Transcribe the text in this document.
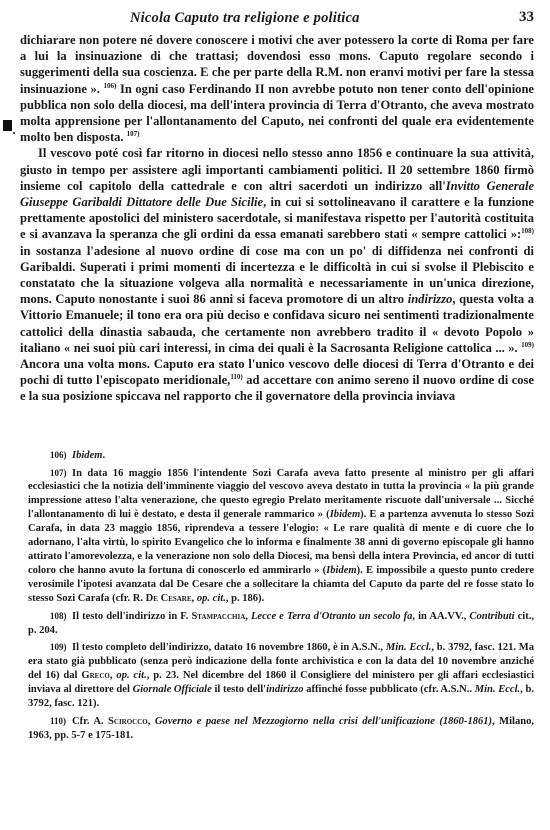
Nicola Caputo tra religione e politica	33

dichiarare non potere né dovere conoscere i motivi che aver potessero la corte di Roma per fare a lui la insinuazione di che trattasi; dovendosi esso mons. Caputo regolare secondo i suggerimenti della sua coscienza. E che per parte della R.M. non eranvi motivi per fare la stessa insinuazione ». $^{106)}$ In ogni caso Ferdinando II non avrebbe potuto non tener conto dell'opinione pubblica non solo della diocesi, ma dell'intera provincia di Terra d'Otranto, che aveva mostrato molta apprensione per l'allontanamento del Caputo, nei confronti del quale era evidentemente molto ben disposta. $^{107)}$

Il vescovo poté così far ritorno in diocesi nello stesso anno 1856 e continuare la sua attività, giusto in tempo per assistere agli importanti cambiamenti politici. Il 20 settembre 1860 firmò insieme col capitolo della cattedrale e con altri sacerdoti un indirizzo all'Invitto Generale Giuseppe Garibaldi Dittatore delle Due Sicilie, in cui si sottolineavano il carattere e la funzione prettamente apostolici del ministero sacerdotale, si manifestava rispetto per l'autorità costituita e si avanzava la speranza che gli ordini da essa emanati sarebbero stati « sempre cattolici »:$^{108)}$ in sostanza l'adesione al nuovo ordine di cose ma con un po' di diffidenza nei confronti di Garibaldi. Superati i primi momenti di incertezza e le difficoltà in cui si svolse il Plebiscito e constatato che la situazione volgeva alla normalità e necessariamente in un'unica direzione, mons. Caputo nonostante i suoi 86 anni si faceva promotore di un altro indirizzo, questa volta a Vittorio Emanuele; il tono era ora più deciso e confidava sicuro nei sentimenti tradizionalmente cattolici della dinastia sabauda, che certamente non avrebbero tradito il « devoto Popolo » italiano « nei suoi più cari interessi, in cima dei quali è la Sacrosanta Religione cattolica ... ». $^{109)}$ Ancora una volta mons. Caputo era stato l'unico vescovo delle diocesi di Terra d'Otranto e dei pochi di tutto l'episcopato meridionale,$^{110)}$ ad accettare con animo sereno il nuovo ordine di cose e la sua posizione spiccava nel rapporto che il governatore della provincia inviava

106) Ibidem.

107) In data 16 maggio 1856 l'intendente Sozi Carafa aveva fatto presente al ministro per gli affari ecclesiastici che la notizia dell'imminente viaggio del vescovo aveva destato in tutta la provincia « la più grande impressione atteso l'alta venerazione, che questo egregio Prelato meritamente riscuote dall'universale ... Sicché l'allontanamento di lui è destato, e desta il generale rammarico » (Ibidem). E a partenza avvenuta lo stesso Sozi Carafa, in data 23 maggio 1856, riprendeva a tessere l'elogio: « Le rare qualità di mente e di cuore che lo adornano, l'alta virtù, lo spirito Evangelico che lo informa e finalmente 38 anni di governo episcopale gli hanno attirato l'amorevolezza, e la venerazione non solo della Diocesi, ma bensì della intera Provincia, ed ancor di tutti coloro che hanno avuto la fortuna di conoscerlo ed ammirarlo » (Ibidem). E impossibile a questo punto credere verosimile l'ipotesi avanzata dal De Cesare che a sollecitare la chiamta del Caputo da parte del re fosse stato lo stesso Sozi Carafa (cfr. R. De Cesare, op. cit., p. 186).

108) Il testo dell'indirizzo in F. Stampacchia, Lecce e Terra d'Otranto un secolo fa, in AA.VV., Contributi cit., p. 204.

109) Il testo completo dell'indirizzo, datato 16 novembre 1860, è in A.S.N., Min. Eccl., b. 3792, fasc. 121. Ma era stato già pubblicato (senza però indicazione della fonte archivistica e con la data del 10 novembre anziché del 16) dal Greco, op. cit., p. 23. Nel dicembre del 1860 il Consigliere del ministero per gli affari ecclesiastici inviava al direttore del Giornale Officiale il testo dell'indirizzo affinché fosse pubblicato (cfr. A.S.N.. Min. Eccl., b. 3792, fasc. 121).

110) Cfr. A. Scirocco, Governo e paese nel Mezzogiorno nella crisi dell'unificazione (1860-1861), Milano, 1963, pp. 5-7 e 175-181.
